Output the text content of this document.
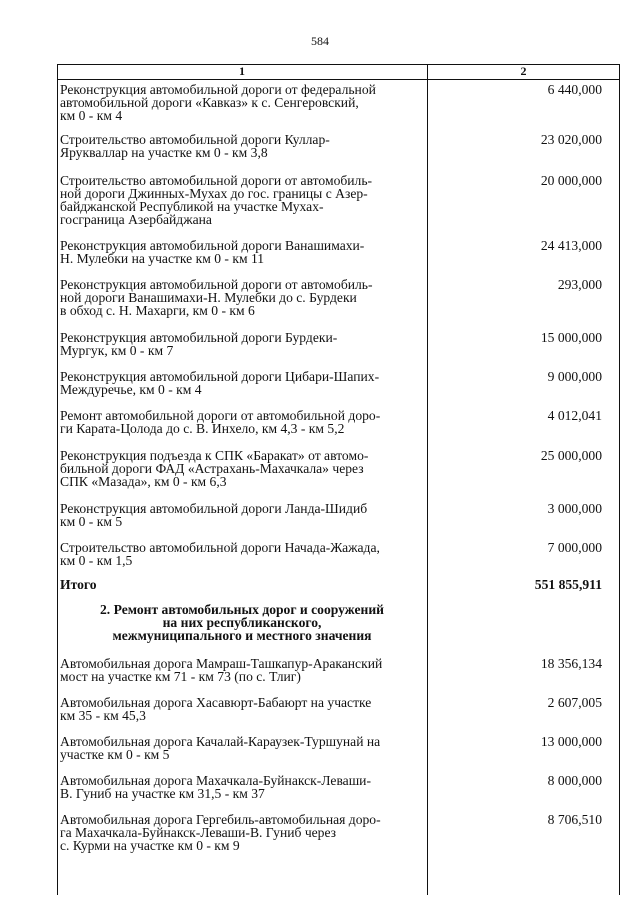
584
1	2
Реконструкция автомобильной дороги от федеральной
автомобильной дороги «Кавказ» к с. Сенгеровский,
км 0 - км 4
6 440,000
Строительство автомобильной дороги Куллар-
Ярукваллар на участке км 0 - км 3,8
23 020,000
Строительство автомобильной дороги от автомобиль-
ной дороги Джинных-Мухах до гос. границы с Азер-
байджанской Республикой на участке Мухах-
госграница Азербайджана
20 000,000
Реконструкция автомобильной дороги Ванашимахи-
Н. Мулебки на участке км 0 - км 11
24 413,000
Реконструкция автомобильной дороги от автомобиль-
ной дороги Ванашимахи-Н. Мулебки до с. Бурдеки
в обход с. Н. Махарги, км 0 - км 6
293,000
Реконструкция автомобильной дороги Бурдеки-
Мургук, км 0 - км 7
15 000,000
Реконструкция автомобильной дороги Цибари-Шапих-
Междуречье, км 0 - км 4
9 000,000
Ремонт автомобильной дороги от автомобильной доро-
ги Карата-Цолода до с. В. Инхело, км 4,3 - км 5,2
4 012,041
Реконструкция подъезда к СПК «Баракат» от автомо-
бильной дороги ФАД «Астрахань-Махачкала» через
СПК «Мазада», км 0 - км 6,3
25 000,000
Реконструкция автомобильной дороги Ланда-Шидиб
км 0 - км 5
3 000,000
Строительство автомобильной дороги Начада-Жажада,
км 0 - км 1,5
7 000,000
Итого	551 855,911
2. Ремонт автомобильных дорог и сооружений
на них республиканского,
межмуниципального и местного значения
Автомобильная дорога Мамраш-Ташкапур-Араканский
мост на участке км 71 - км 73 (по с. Тлиг)
18 356,134
Автомобильная дорога Хасавюрт-Бабаюрт на участке
км 35 - км 45,3
2 607,005
Автомобильная дорога Качалай-Караузек-Туршунай на
участке км 0 - км 5
13 000,000
Автомобильная дорога Махачкала-Буйнакск-Леваши-
В. Гуниб на участке км 31,5 - км 37
8 000,000
Автомобильная дорога Гергебиль-автомобильная доро-
га Махачкала-Буйнакск-Леваши-В. Гуниб через
с. Курми на участке км 0 - км 9
8 706,510
